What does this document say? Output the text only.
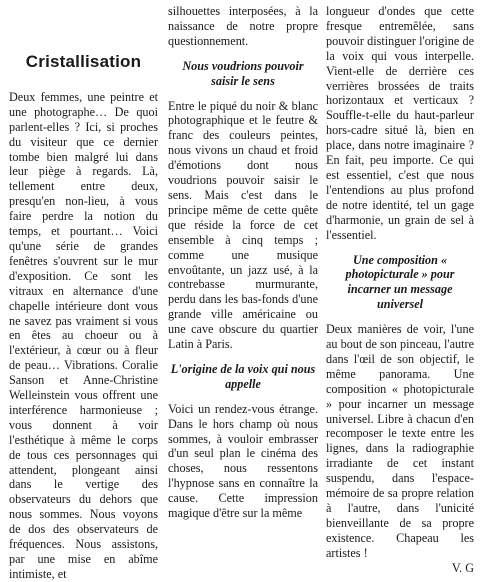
Cristallisation

Deux femmes, une peintre et une photographe… De quoi parlent-elles ? Ici, si proches du visiteur que ce dernier tombe bien malgré lui dans leur piège à regards. Là, tellement entre deux, presqu'en non-lieu, à vous faire perdre la notion du temps, et pourtant… Voici qu'une série de grandes fenêtres s'ouvrent sur le mur d'exposition. Ce sont les vitraux en alternance d'une chapelle intérieure dont vous ne savez pas vraiment si vous en êtes au choeur ou à l'extérieur, à cœur ou à fleur de peau… Vibrations. Coralie Sanson et Anne-Christine Welleinstein vous offrent une interférence harmonieuse ; vous donnent à voir l'esthétique à même le corps de tous ces personnages qui attendent, plongeant ainsi dans le vertige des observateurs du dehors que nous sommes. Nous voyons de dos des observateurs de fréquences. Nous assistons, par une mise en abîme intimiste, et

silhouettes interposées, à la naissance de notre propre questionnement.

Nous voudrions pouvoir saisir le sens

Entre le piqué du noir & blanc photographique et le feutre & franc des couleurs peintes, nous vivons un chaud et froid d'émotions dont nous voudrions pouvoir saisir le sens. Mais c'est dans le principe même de cette quête que réside la force de cet ensemble à cinq temps ; comme une musique envoûtante, un jazz usé, à la contrebasse murmurante, perdu dans les bas-fonds d'une grande ville américaine ou une cave obscure du quartier Latin à Paris.

L'origine de la voix qui nous appelle

Voici un rendez-vous étrange. Dans le hors champ où nous sommes, à vouloir embrasser d'un seul plan le cinéma des choses, nous ressentons l'hypnose sans en connaître la cause. Cette impression magique d'être sur la même

longueur d'ondes que cette fresque entremêlée, sans pouvoir distinguer l'origine de la voix qui vous interpelle. Vient-elle de derrière ces verrières brossées de traits horizontaux et verticaux ? Souffle-t-elle du haut-parleur hors-cadre situé là, bien en place, dans notre imaginaire ? En fait, peu importe. Ce qui est essentiel, c'est que nous l'entendions au plus profond de notre identité, tel un gage d'harmonie, un grain de sel à l'essentiel.

Une composition « photopicturale » pour incarner un message universel

Deux manières de voir, l'une au bout de son pinceau, l'autre dans l'œil de son objectif, le même panorama. Une composition « photopicturale » pour incarner un message universel. Libre à chacun d'en recomposer le texte entre les lignes, dans la radiographie irradiante de cet instant suspendu, dans l'espace-mémoire de sa propre relation à l'autre, dans l'unicité bienveillante de sa propre existence. Chapeau les artistes !

V. G
